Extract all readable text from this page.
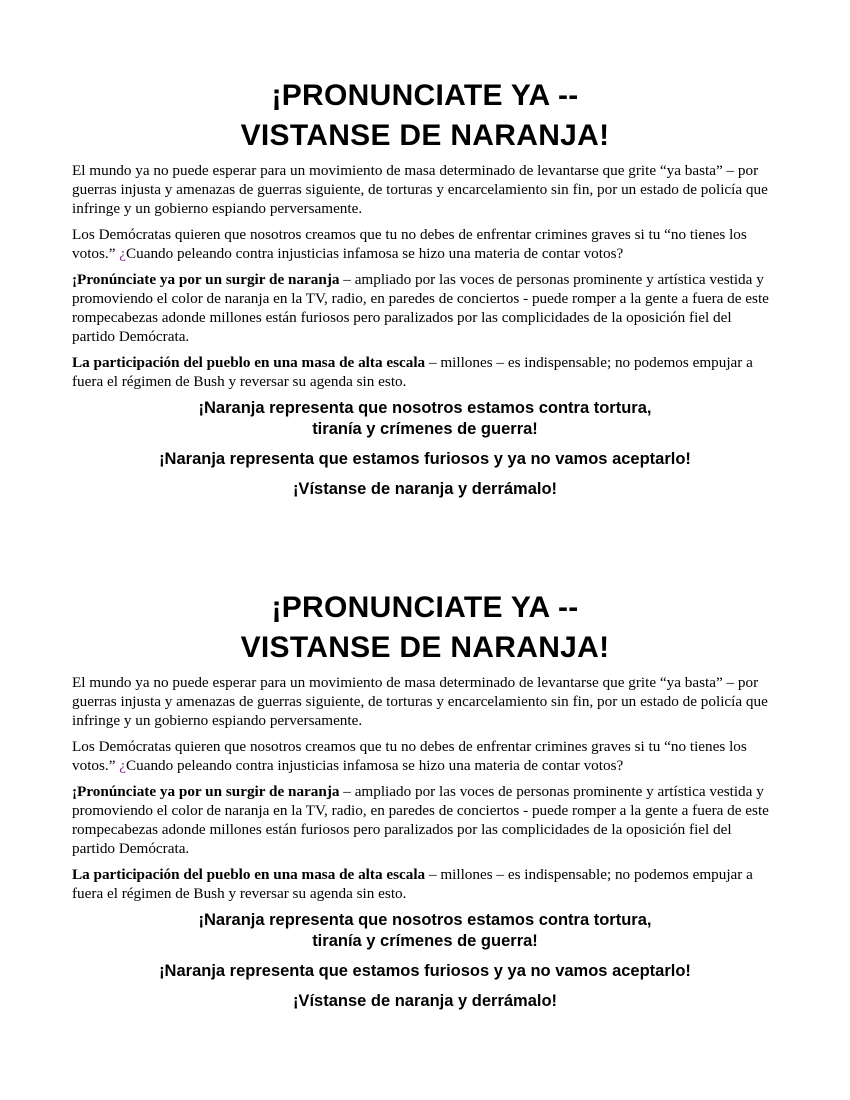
¡PRONUNCIATE YA --
VISTANSE DE NARANJA!

El mundo ya no puede esperar para un movimiento de masa determinado de levantarse que grite “ya basta” – por guerras injusta y amenazas de guerras siguiente, de torturas y encarcelamiento sin fin, por un estado de policía que infringe y un gobierno espiando perversamente.

Los Demócratas quieren que nosotros creamos que tu no debes de enfrentar crimines graves si tu “no tienes los votos.” ¿Cuando peleando contra injusticias infamosa se hizo una materia de contar votos?

¡Pronúnciate ya por un surgir de naranja – ampliado por las voces de personas prominente y artística vestida y promoviendo el color de naranja en la TV, radio, en paredes de conciertos - puede romper a la gente a fuera de este rompecabezas adonde millones están furiosos pero paralizados por las complicidades de la oposición fiel del partido Demócrata.

La participación del pueblo en una masa de alta escala – millones – es indispensable; no podemos empujar a fuera el régimen de Bush y reversar su agenda sin esto.

¡Naranja representa que nosotros estamos contra tortura,
tiranía y crímenes de guerra!

¡Naranja representa que estamos furiosos y ya no vamos aceptarlo!

¡Vístanse de naranja y derrámalo!

¡PRONUNCIATE YA --
VISTANSE DE NARANJA!

El mundo ya no puede esperar para un movimiento de masa determinado de levantarse que grite “ya basta” – por guerras injusta y amenazas de guerras siguiente, de torturas y encarcelamiento sin fin, por un estado de policía que infringe y un gobierno espiando perversamente.

Los Demócratas quieren que nosotros creamos que tu no debes de enfrentar crimines graves si tu “no tienes los votos.” ¿Cuando peleando contra injusticias infamosa se hizo una materia de contar votos?

¡Pronúnciate ya por un surgir de naranja – ampliado por las voces de personas prominente y artística vestida y promoviendo el color de naranja en la TV, radio, en paredes de conciertos - puede romper a la gente a fuera de este rompecabezas adonde millones están furiosos pero paralizados por las complicidades de la oposición fiel del partido Demócrata.

La participación del pueblo en una masa de alta escala – millones – es indispensable; no podemos empujar a fuera el régimen de Bush y reversar su agenda sin esto.

¡Naranja representa que nosotros estamos contra tortura,
tiranía y crímenes de guerra!

¡Naranja representa que estamos furiosos y ya no vamos aceptarlo!

¡Vístanse de naranja y derrámalo!
